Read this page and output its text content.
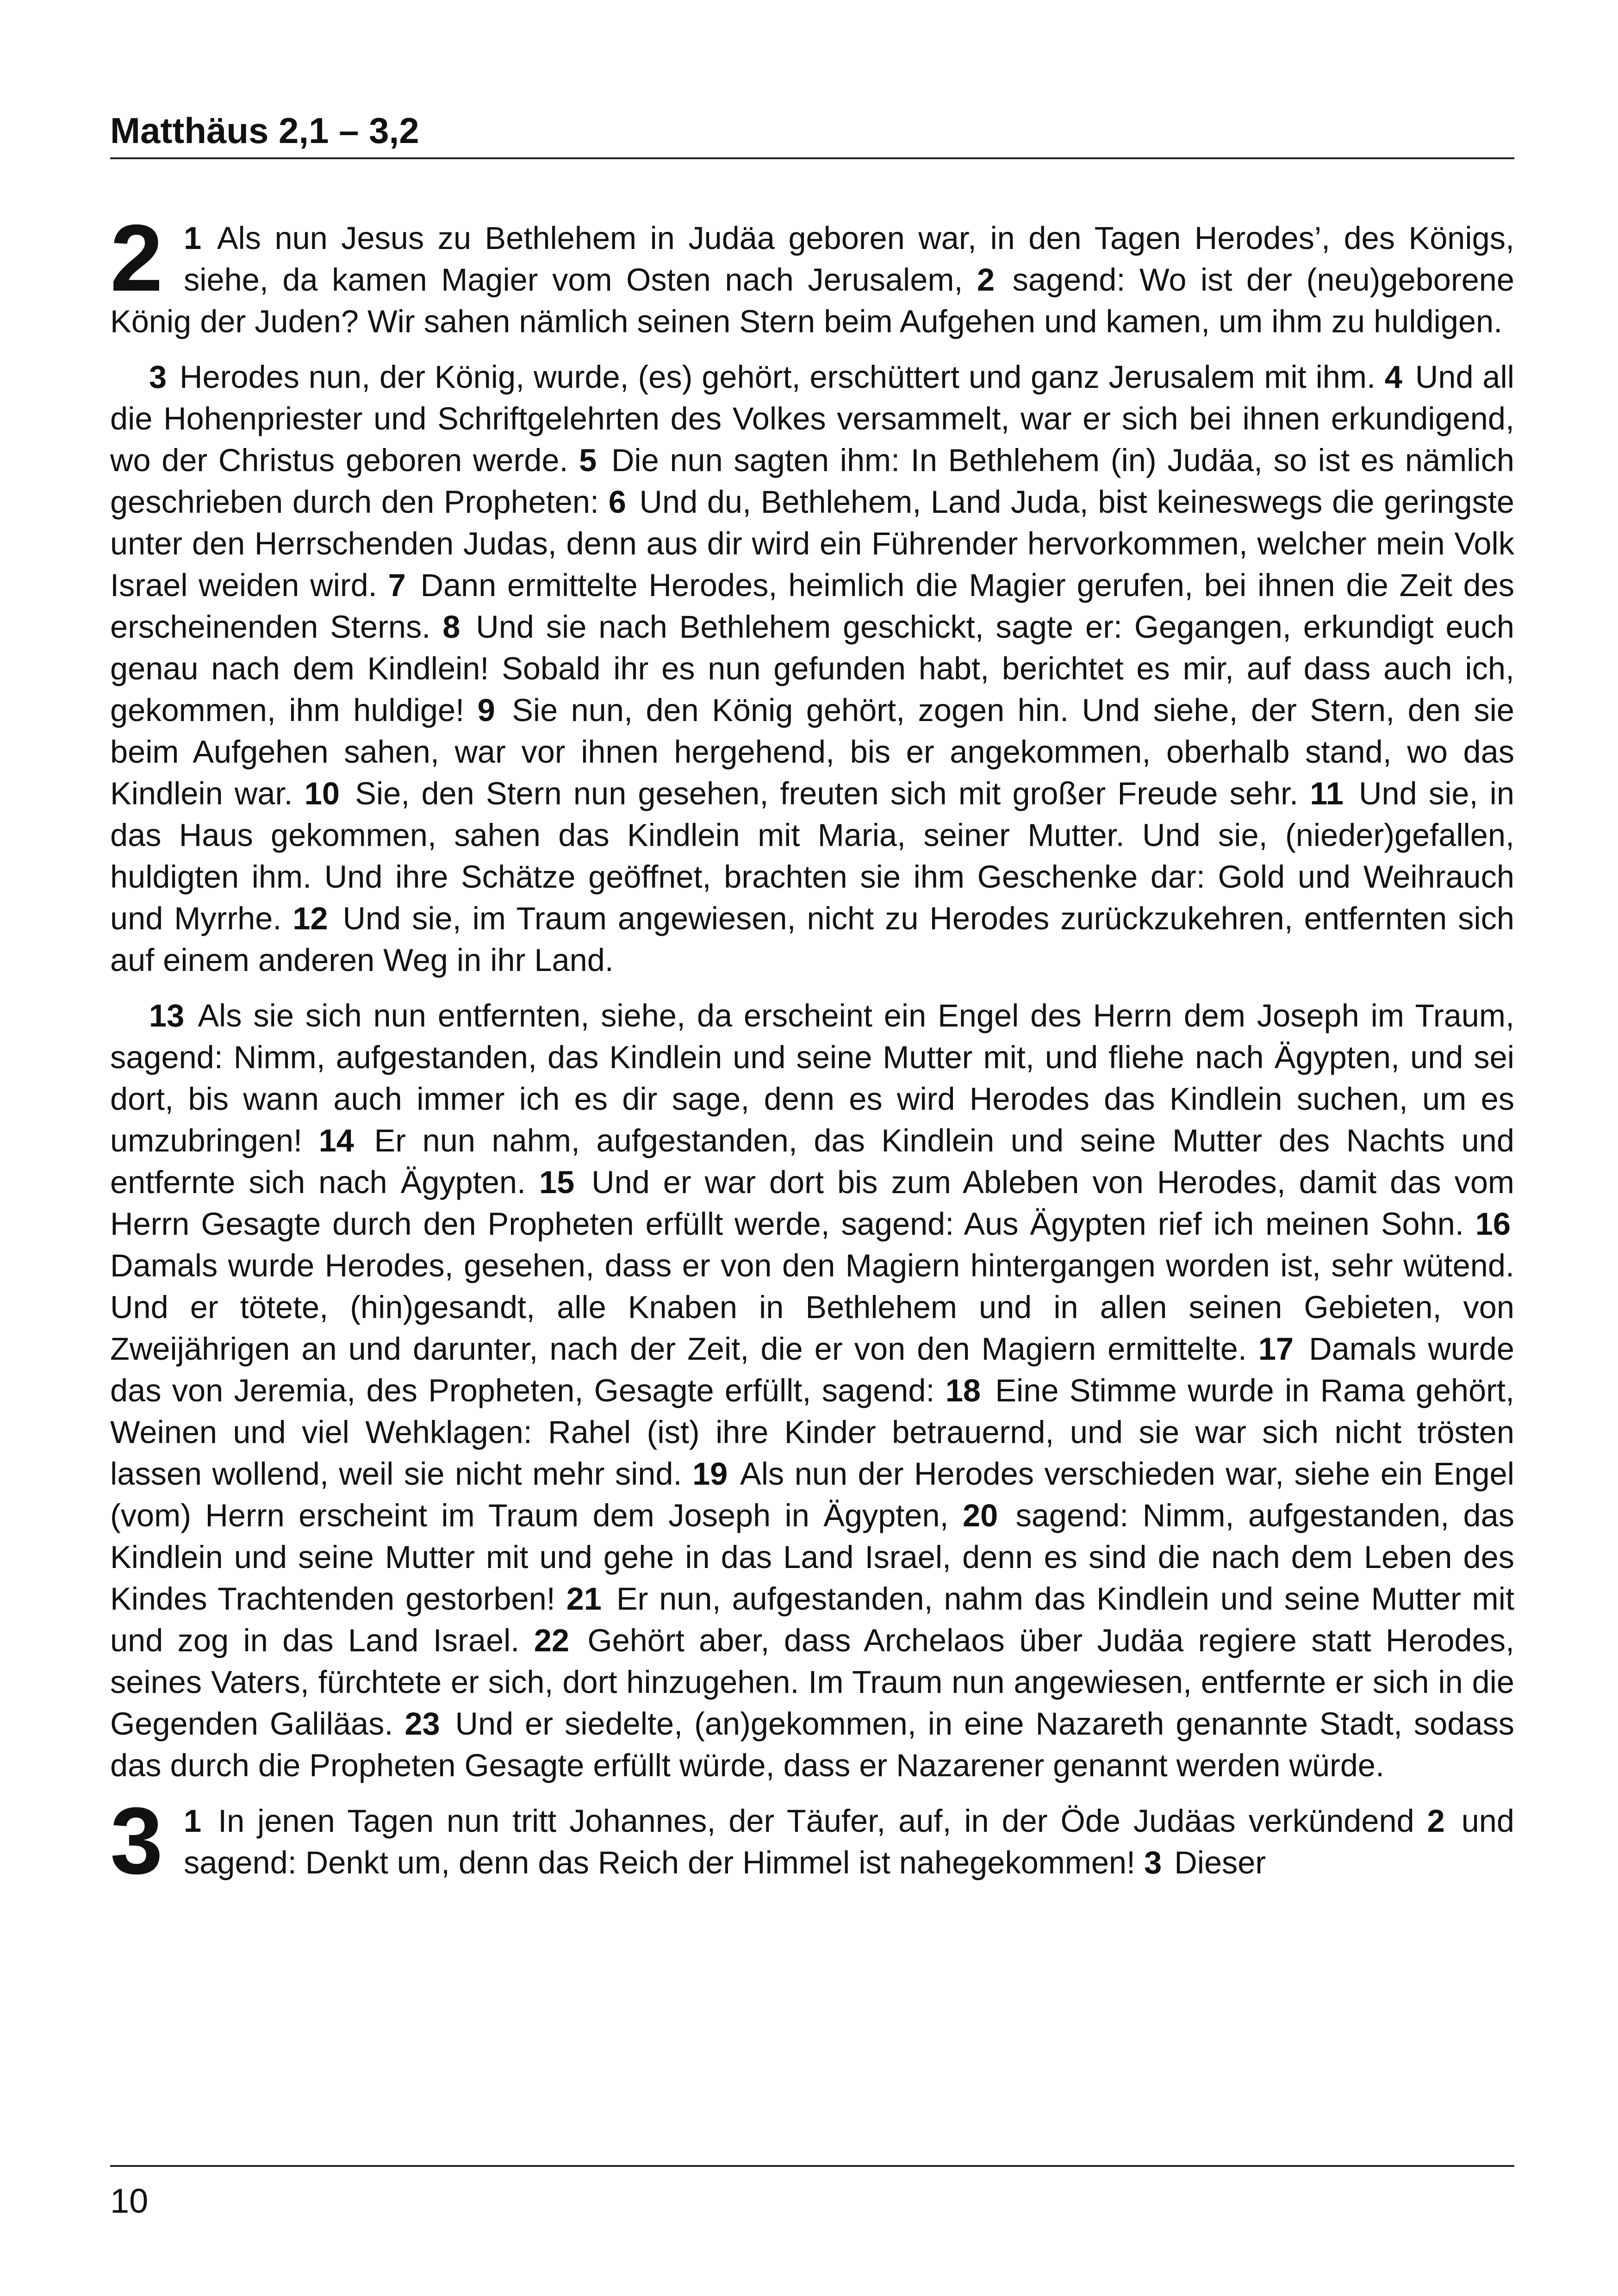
Matthäus 2,1 – 3,2

2 1 Als nun Jesus zu Bethlehem in Judäa geboren war, in den Tagen Herodes’, des Königs, siehe, da kamen Magier vom Osten nach Jerusalem, 2 sagend: Wo ist der (neu)geborene König der Juden? Wir sahen nämlich seinen Stern beim Aufgehen und kamen, um ihm zu huldigen.

3 Herodes nun, der König, wurde, (es) gehört, erschüttert und ganz Jerusalem mit ihm. 4 Und all die Hohenpriester und Schriftgelehrten des Volkes versammelt, war er sich bei ihnen erkundigend, wo der Christus geboren werde. 5 Die nun sagten ihm: In Bethlehem (in) Judäa, so ist es nämlich geschrieben durch den Propheten: 6 Und du, Bethlehem, Land Juda, bist keineswegs die geringste unter den Herrschenden Judas, denn aus dir wird ein Führender hervorkommen, welcher mein Volk Israel weiden wird. 7 Dann ermittelte Herodes, heimlich die Magier gerufen, bei ihnen die Zeit des erscheinenden Sterns. 8 Und sie nach Bethlehem geschickt, sagte er: Gegangen, erkundigt euch genau nach dem Kindlein! Sobald ihr es nun gefunden habt, berichtet es mir, auf dass auch ich, gekommen, ihm huldige! 9 Sie nun, den König gehört, zogen hin. Und siehe, der Stern, den sie beim Aufgehen sahen, war vor ihnen hergehend, bis er angekommen, oberhalb stand, wo das Kindlein war. 10 Sie, den Stern nun gesehen, freuten sich mit großer Freude sehr. 11 Und sie, in das Haus gekommen, sahen das Kindlein mit Maria, seiner Mutter. Und sie, (nieder)gefallen, huldigten ihm. Und ihre Schätze geöffnet, brachten sie ihm Geschenke dar: Gold und Weihrauch und Myrrhe. 12 Und sie, im Traum angewiesen, nicht zu Herodes zurückzukehren, entfernten sich auf einem anderen Weg in ihr Land.

13 Als sie sich nun entfernten, siehe, da erscheint ein Engel des Herrn dem Joseph im Traum, sagend: Nimm, aufgestanden, das Kindlein und seine Mutter mit, und fliehe nach Ägypten, und sei dort, bis wann auch immer ich es dir sage, denn es wird Herodes das Kindlein suchen, um es umzubringen! 14 Er nun nahm, aufgestanden, das Kindlein und seine Mutter des Nachts und entfernte sich nach Ägypten. 15 Und er war dort bis zum Ableben von Herodes, damit das vom Herrn Gesagte durch den Propheten erfüllt werde, sagend: Aus Ägypten rief ich meinen Sohn. 16 Damals wurde Herodes, gesehen, dass er von den Magiern hintergangen worden ist, sehr wütend. Und er tötete, (hin)gesandt, alle Knaben in Bethlehem und in allen seinen Gebieten, von Zweijährigen an und darunter, nach der Zeit, die er von den Magiern ermittelte. 17 Damals wurde das von Jeremia, des Propheten, Gesagte erfüllt, sagend: 18 Eine Stimme wurde in Rama gehört, Weinen und viel Wehklagen: Rahel (ist) ihre Kinder betrauernd, und sie war sich nicht trösten lassen wollend, weil sie nicht mehr sind. 19 Als nun der Herodes verschieden war, siehe ein Engel (vom) Herrn erscheint im Traum dem Joseph in Ägypten, 20 sagend: Nimm, aufgestanden, das Kindlein und seine Mutter mit und gehe in das Land Israel, denn es sind die nach dem Leben des Kindes Trachtenden gestorben! 21 Er nun, aufgestanden, nahm das Kindlein und seine Mutter mit und zog in das Land Israel. 22 Gehört aber, dass Archelaos über Judäa regiere statt Herodes, seines Vaters, fürchtete er sich, dort hinzugehen. Im Traum nun angewiesen, entfernte er sich in die Gegenden Galiläas. 23 Und er siedelte, (an)gekommen, in eine Nazareth genannte Stadt, sodass das durch die Propheten Gesagte erfüllt würde, dass er Nazarener genannt werden würde.

3 1 In jenen Tagen nun tritt Johannes, der Täufer, auf, in der Öde Judäas verkündend 2 und sagend: Denkt um, denn das Reich der Himmel ist nahegekommen! 3 Dieser

10
